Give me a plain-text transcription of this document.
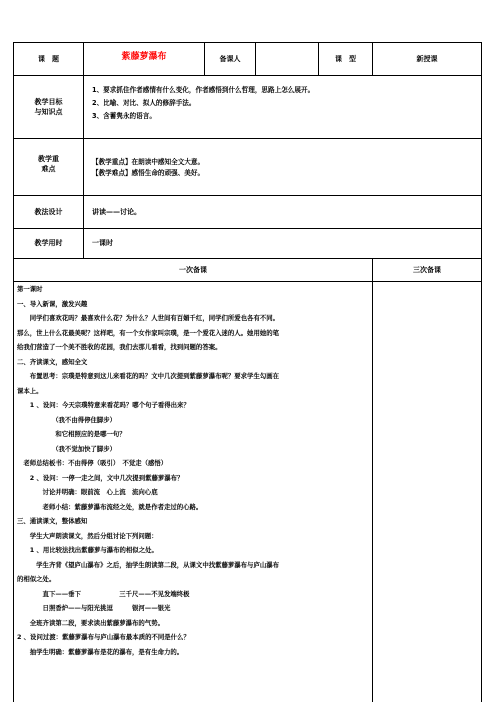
课　题	紫藤萝瀑布	备课人	课　型	新授课
教学目标
与知识点
1、要求抓住作者感情有什么变化，作者感悟到什么哲理，思路上怎么展开。
2、比喻、对比、拟人的修辞手法。
3、含蓄隽永的语言。
教学重
难点
【教学重点】在朗读中感知全文大意。
【教学难点】感悟生命的顽强、美好。
教法设计	讲读——讨论。
教学用时	一课时
一次备课	三次备课
第一课时
一、导入新课，激发兴趣
　　同学们喜欢花吗？最喜欢什么花？为什么？人世间有百媚千红，同学们所爱也各有不同。
那么，世上什么花最美呢？这样吧，有一个女作家叫宗璞，是一个爱花入迷的人。她用她的笔
给我们营造了一个美不胜收的花园，我们去那儿看看，找到问题的答案。
二、齐读课文，感知全文
　　布置思考：宗璞是特意到这儿来看花的吗？文中几次提到紫藤萝瀑布呢？要求学生勾画在
课本上。
　　1 、设问：今天宗璞特意来看花吗？哪个句子看得出来？
　　　　　　（我不由得停住脚步）
　　　　　　和它相照应的是哪一句？
　　　　　　（我不觉加快了脚步）
　老师总结板书：不由得停（吸引）　不觉走（感悟）
　　2 、设问：一停一走之间，文中几次提到紫藤萝瀑布？
　　　　讨论并明确：眼前流　心上流　流向心底
　　　　老师小结：紫藤萝瀑布流经之处，就是作者走过的心路。
三、通读课文，整体感知
　　学生大声朗读课文，然后分组讨论下列问题：
　　1 、用比较法找出紫藤萝与瀑布的相似之处。
　　　学生齐背《望庐山瀑布》之后，抽学生朗读第二段，从课文中找紫藤萝瀑布与庐山瀑布
的相似之处。
　　　　直下——垂下　　　　　　三千尺——不见发端终极
　　　　日照香炉——与阳光挑逗　　　银河——银光
　　全班齐读第二段，要求读出紫藤萝瀑布的气势。
2 、设问过渡：紫藤萝瀑布与庐山瀑布最本质的不同是什么？
　　抽学生明确：紫藤萝瀑布是花的瀑布，是有生命力的。
